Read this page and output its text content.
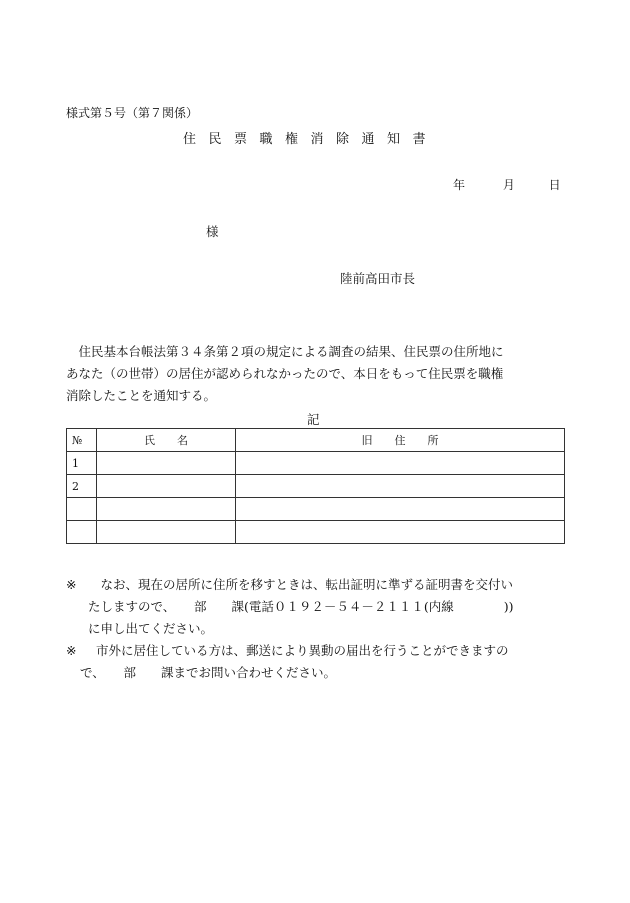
様式第５号（第７関係）
住民票職権消除通知書
年	月	日
様
陸前高田市長
　住民基本台帳法第３４条第２項の規定による調査の結果、住民票の住所地に
あなた（の世帯）の居住が認められなかったので、本日をもって住民票を職権
消除したことを通知する。
記
№	氏　　名	旧　　住　　所
1		
2		

※　なお、現在の居所に住所を移すときは、転出証明に準ずる証明書を交付い
たしますので、　　部　　課(電話０１９２－５４－２１１１(内線　　　　))
に申し出てください。
※ 市外に居住している方は、郵送により異動の届出を行うことができますの
で、　　部　　課までお問い合わせください。
